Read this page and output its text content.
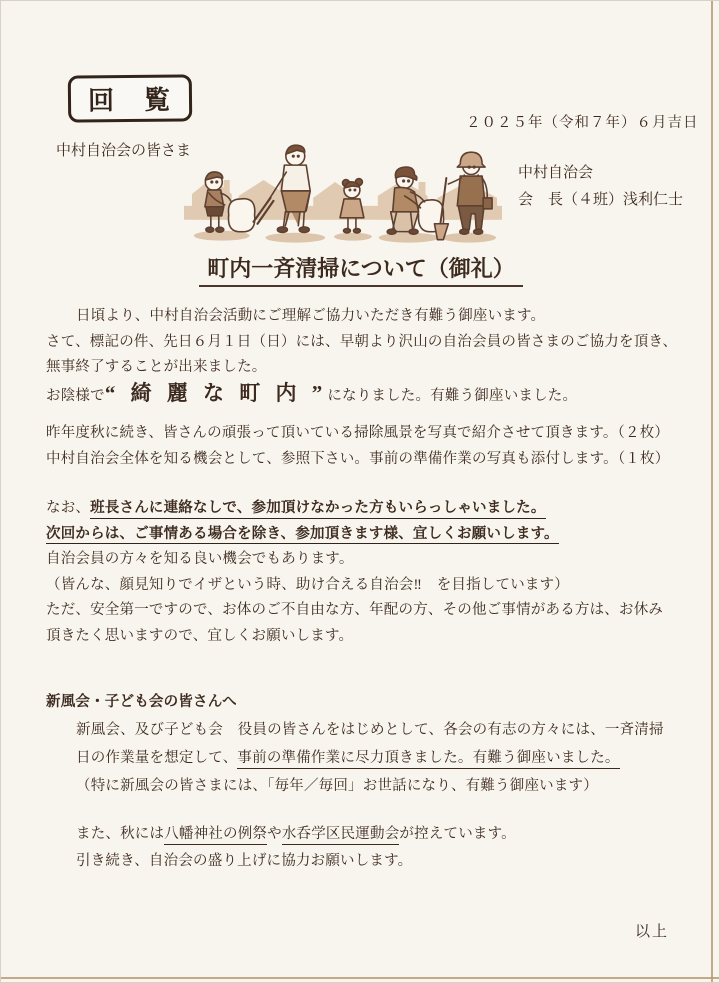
回　覧
中村自治会の皆さま
２０２５年（令和７年）６月吉日
中村自治会
会　長（４班）浅利仁士
町内一斉清掃について（御礼）

日頃より、中村自治会活動にご理解ご協力いただき有難う御座います。

さて、標記の件、先日６月１日（日）には、早朝より沢山の自治会員の皆さまのご協力を頂き、

無事終了することが出来ました。

お陰様で“ 綺 麗 な 町 内 ”になりました。有難う御座いました。

昨年度秋に続き、皆さんの頑張って頂いている掃除風景を写真で紹介させて頂きます。（２枚）

中村自治会全体を知る機会として、参照下さい。事前の準備作業の写真も添付します。（１枚）

なお、班長さんに連絡なしで、参加頂けなかった方もいらっしゃいました。

次回からは、ご事情ある場合を除き、参加頂きます様、宜しくお願いします。

自治会員の方々を知る良い機会でもあります。

（皆んな、顔見知りでイザという時、助け合える自治会‼　を目指しています）

ただ、安全第一ですので、お体のご不自由な方、年配の方、その他ご事情がある方は、お休み

頂きたく思いますので、宜しくお願いします。

新風会・子ども会の皆さんへ

新風会、及び子ども会　役員の皆さんをはじめとして、各会の有志の方々には、一斉清掃

日の作業量を想定して、事前の準備作業に尽力頂きました。有難う御座いました。

（特に新風会の皆さまには、「毎年／毎回」お世話になり、有難う御座います）

また、秋には八幡神社の例祭や水呑学区民運動会が控えています。

引き続き、自治会の盛り上げに協力お願いします。

以上
